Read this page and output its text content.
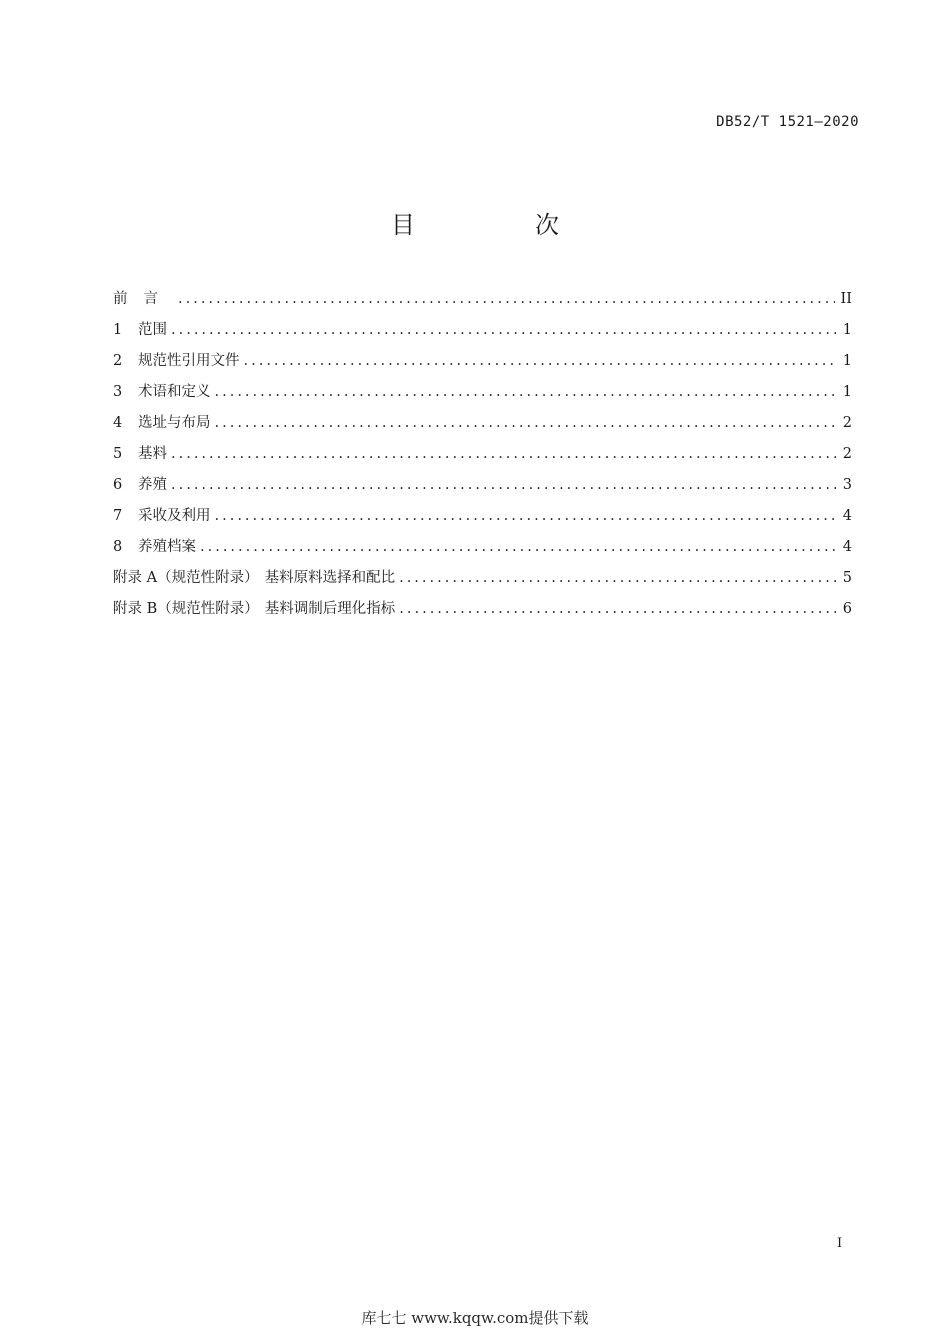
DB52/T 1521—2020
目　次
前言 .....	II
1	范围 .....	1
2	规范性引用文件 .....	1
3	术语和定义 .....	1
4	选址与布局 .....	2
5	基料 .....	2
6	养殖 .....	3
7	采收及利用 .....	4
8	养殖档案 .....	4
附录 A（规范性附录） 基料原料选择和配比 .....	5
附录 B（规范性附录） 基料调制后理化指标 .....	6
I
库七七 www.kqqw.com提供下载
